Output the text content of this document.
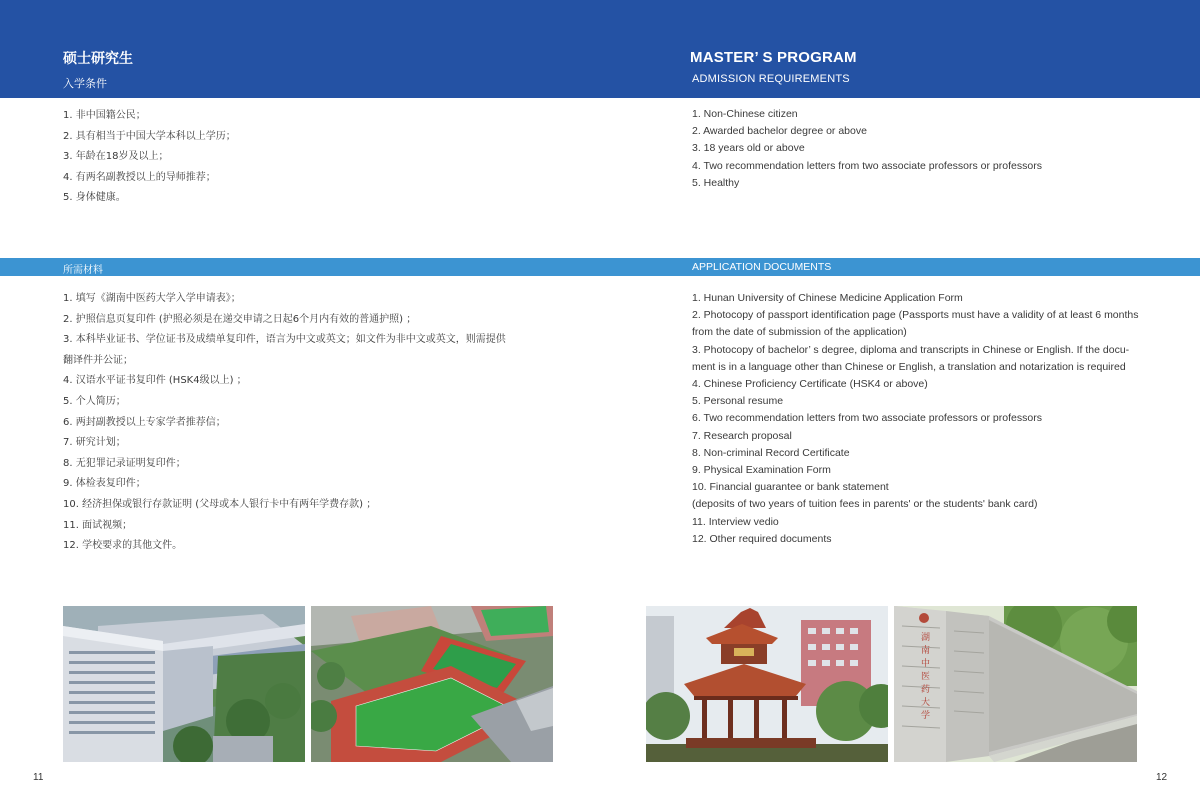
硕士研究生
入学条件
MASTER’ S PROGRAM
ADMISSION REQUIREMENTS
1. 非中国籍公民；
2. 具有相当于中国大学本科以上学历；
3. 年龄在18岁及以上；
4. 有两名副教授以上的导师推荐；
5. 身体健康。
1. Non-Chinese citizen
2. Awarded bachelor degree or above
3. 18 years old or above
4. Two recommendation letters from two associate professors or professors
5. Healthy
所需材料	APPLICATION DOCUMENTS
1. 填写《湖南中医药大学入学申请表》；
2. 护照信息页复印件 (护照必须是在递交申请之日起6个月内有效的普通护照) ；
3. 本科毕业证书、学位证书及成绩单复印件，语言为中文或英文；如文件为非中文或英文，则需提供
翻译件并公证；
4. 汉语水平证书复印件 (HSK4级以上) ；
5. 个人简历；
6. 两封副教授以上专家学者推荐信；
7. 研究计划；
8. 无犯罪记录证明复印件；
9. 体检表复印件；
10. 经济担保或银行存款证明 (父母或本人银行卡中有两年学费存款) ；
11. 面试视频；
12. 学校要求的其他文件。
1. Hunan University of Chinese Medicine Application Form
2. Photocopy of passport identification page (Passports must have a validity of at least 6 months
from the date of submission of the application)
3. Photocopy of bachelor’ s degree, diploma and transcripts in Chinese or English. If the docu-
ment is in a language other than Chinese or English, a translation and notarization is required
4. Chinese Proficiency Certificate (HSK4 or above)
5. Personal resume
6. Two recommendation letters from two associate professors or professors
7. Research proposal
8. Non-criminal Record Certificate
9. Physical Examination Form
10. Financial guarantee or bank statement
(deposits of two years of tuition fees in parents' or the students' bank card)
11. Interview vedio
12. Other required documents
湖南中医药大学
11	12
